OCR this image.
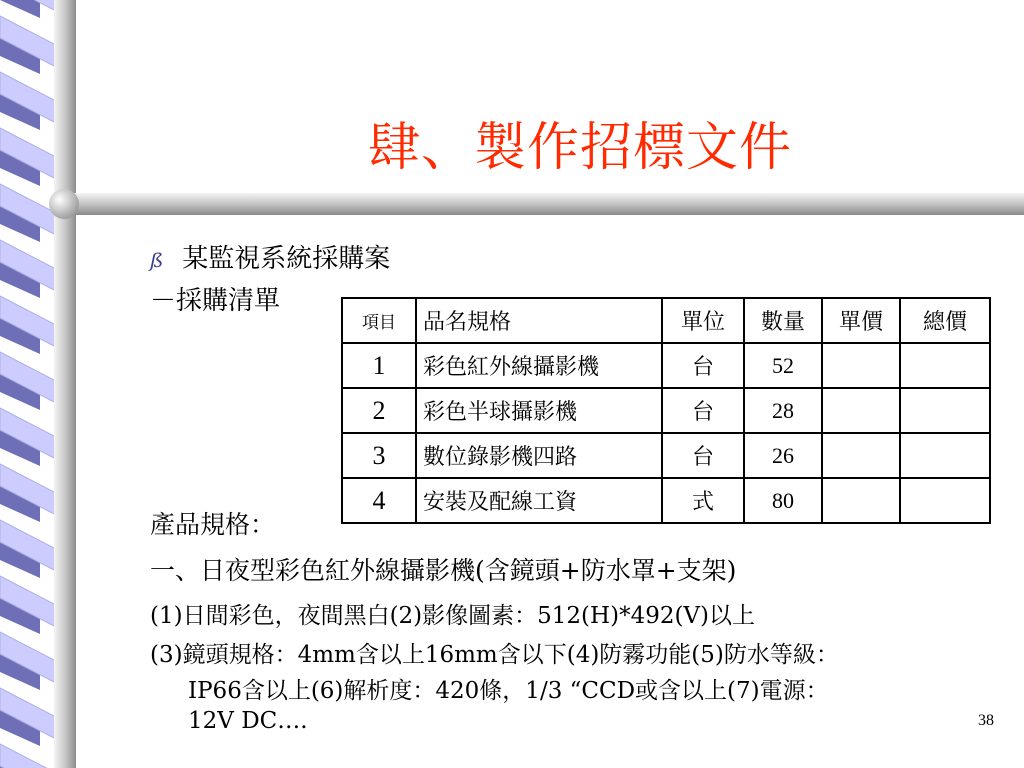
肆、製作招標文件
ß 某監視系統採購案
－採購清單
項目	品名規格	單位	數量	單價	總價
1	彩色紅外線攝影機	台	52		
2	彩色半球攝影機	台	28		
3	數位錄影機四路	台	26		
4	安裝及配線工資	式	80		
產品規格：
一、日夜型彩色紅外線攝影機(含鏡頭+防水罩+支架)
(1)日間彩色，夜間黑白(2)影像圖素：512(H)*492(V)以上
(3)鏡頭規格：4mm含以上16mm含以下(4)防霧功能(5)防水等級：
IP66含以上(6)解析度：420條，1/3 “CCD或含以上(7)電源：
12V DC….	38
